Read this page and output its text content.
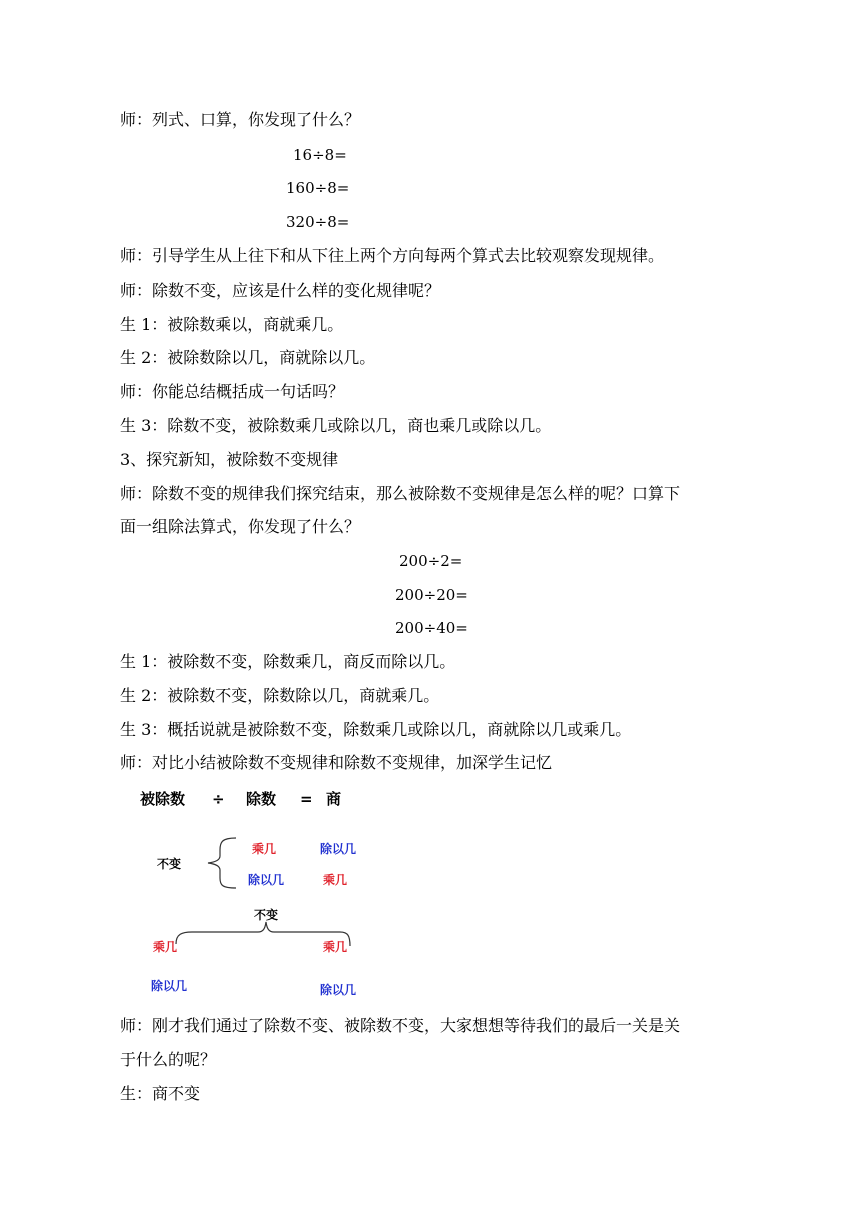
师：列式、口算，你发现了什么？
16÷8=
160÷8=
320÷8=
师：引导学生从上往下和从下往上两个方向每两个算式去比较观察发现规律。
师：除数不变，应该是什么样的变化规律呢？
生 1：被除数乘以，商就乘几。
生 2：被除数除以几，商就除以几。
师：你能总结概括成一句话吗？
生 3：除数不变，被除数乘几或除以几，商也乘几或除以几。
3、探究新知，被除数不变规律
师：除数不变的规律我们探究结束，那么被除数不变规律是怎么样的呢？口算下
面一组除法算式，你发现了什么？
200÷2=
200÷20=
200÷40=
生 1：被除数不变，除数乘几，商反而除以几。
生 2：被除数不变，除数除以几，商就乘几。
生 3：概括说就是被除数不变，除数乘几或除以几，商就除以几或乘几。
师：对比小结被除数不变规律和除数不变规律，加深学生记忆
被除数 ÷ 除数 = 商
不变
乘几	除以几
除以几	乘几
不变
乘几	乘几
除以几	除以几
师：刚才我们通过了除数不变、被除数不变，大家想想等待我们的最后一关是关
于什么的呢？
生：商不变
